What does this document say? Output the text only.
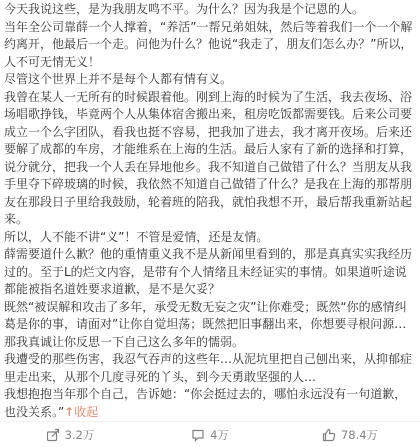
今天我说这些，是为我朋友鸣不平。为什么？因为我是个记恩的人。

当年全公司靠薛一个人撑着，“养活”一帮兄弟姐妹，然后等着我们一个一个解约离开，他最后一个走。问他为什么？他说“我走了，朋友们怎么办？”所以，人不可无情无义！

尽管这个世界上并不是每个人都有情有义。

我曾在某人一无所有的时候跟着他。刚到上海的时候为了生活，我去夜场、浴场唱歌挣钱，毕竟两个人从集体宿舍搬出来，租房吃饭都需要钱。后来公司要成立一个么字团队，看我也挺不容易，把我加了进去，我才离开夜场。后来还要解了成都的车房，才能维系在上海的生活。最后人家有了新的选择和打算，说分就分，把我一个人丢在异地他乡。我不知道自己做错了什么？当朋友从我手里夺下碎玻璃的时候，我依然不知道自己做错了什么？是我在上海的那帮朋友在那段日子里给我鼓励，轮着班的陪我，就怕我想不开，最后帮我重新站起来。

所以，人不能不讲“义”！不管是爱情，还是友情。

薛需要道什么歉？他的重情重义我不是从新闻里看到的，那是真真实实我经历过的。至于L的烂文内容，是带有个人情绪且未经证实的事情。如果道听途说都能被指名道姓要求道歉，是不是欠妥？

既然“被误解和攻击了多年，承受无数无妄之灾”让你难受；既然“你的感情纠葛是你的事，请面对”让你自觉坦荡；既然把旧事翻出来，你想要寻根问源…那我真诚让你反思一下自己这么多年的懦弱。

我遭受的那些伤害，我忍气吞声的这些年…从泥坑里把自己刨出来，从抑郁症里走出来，从那个几度寻死的丫头，到今天勇敢坚强的人…

我想抱抱当年那个自己，告诉她：“你会挺过去的，哪怕永远没有一句道歉，也没关系。”↑收起

3.2万	4万	78.4万
